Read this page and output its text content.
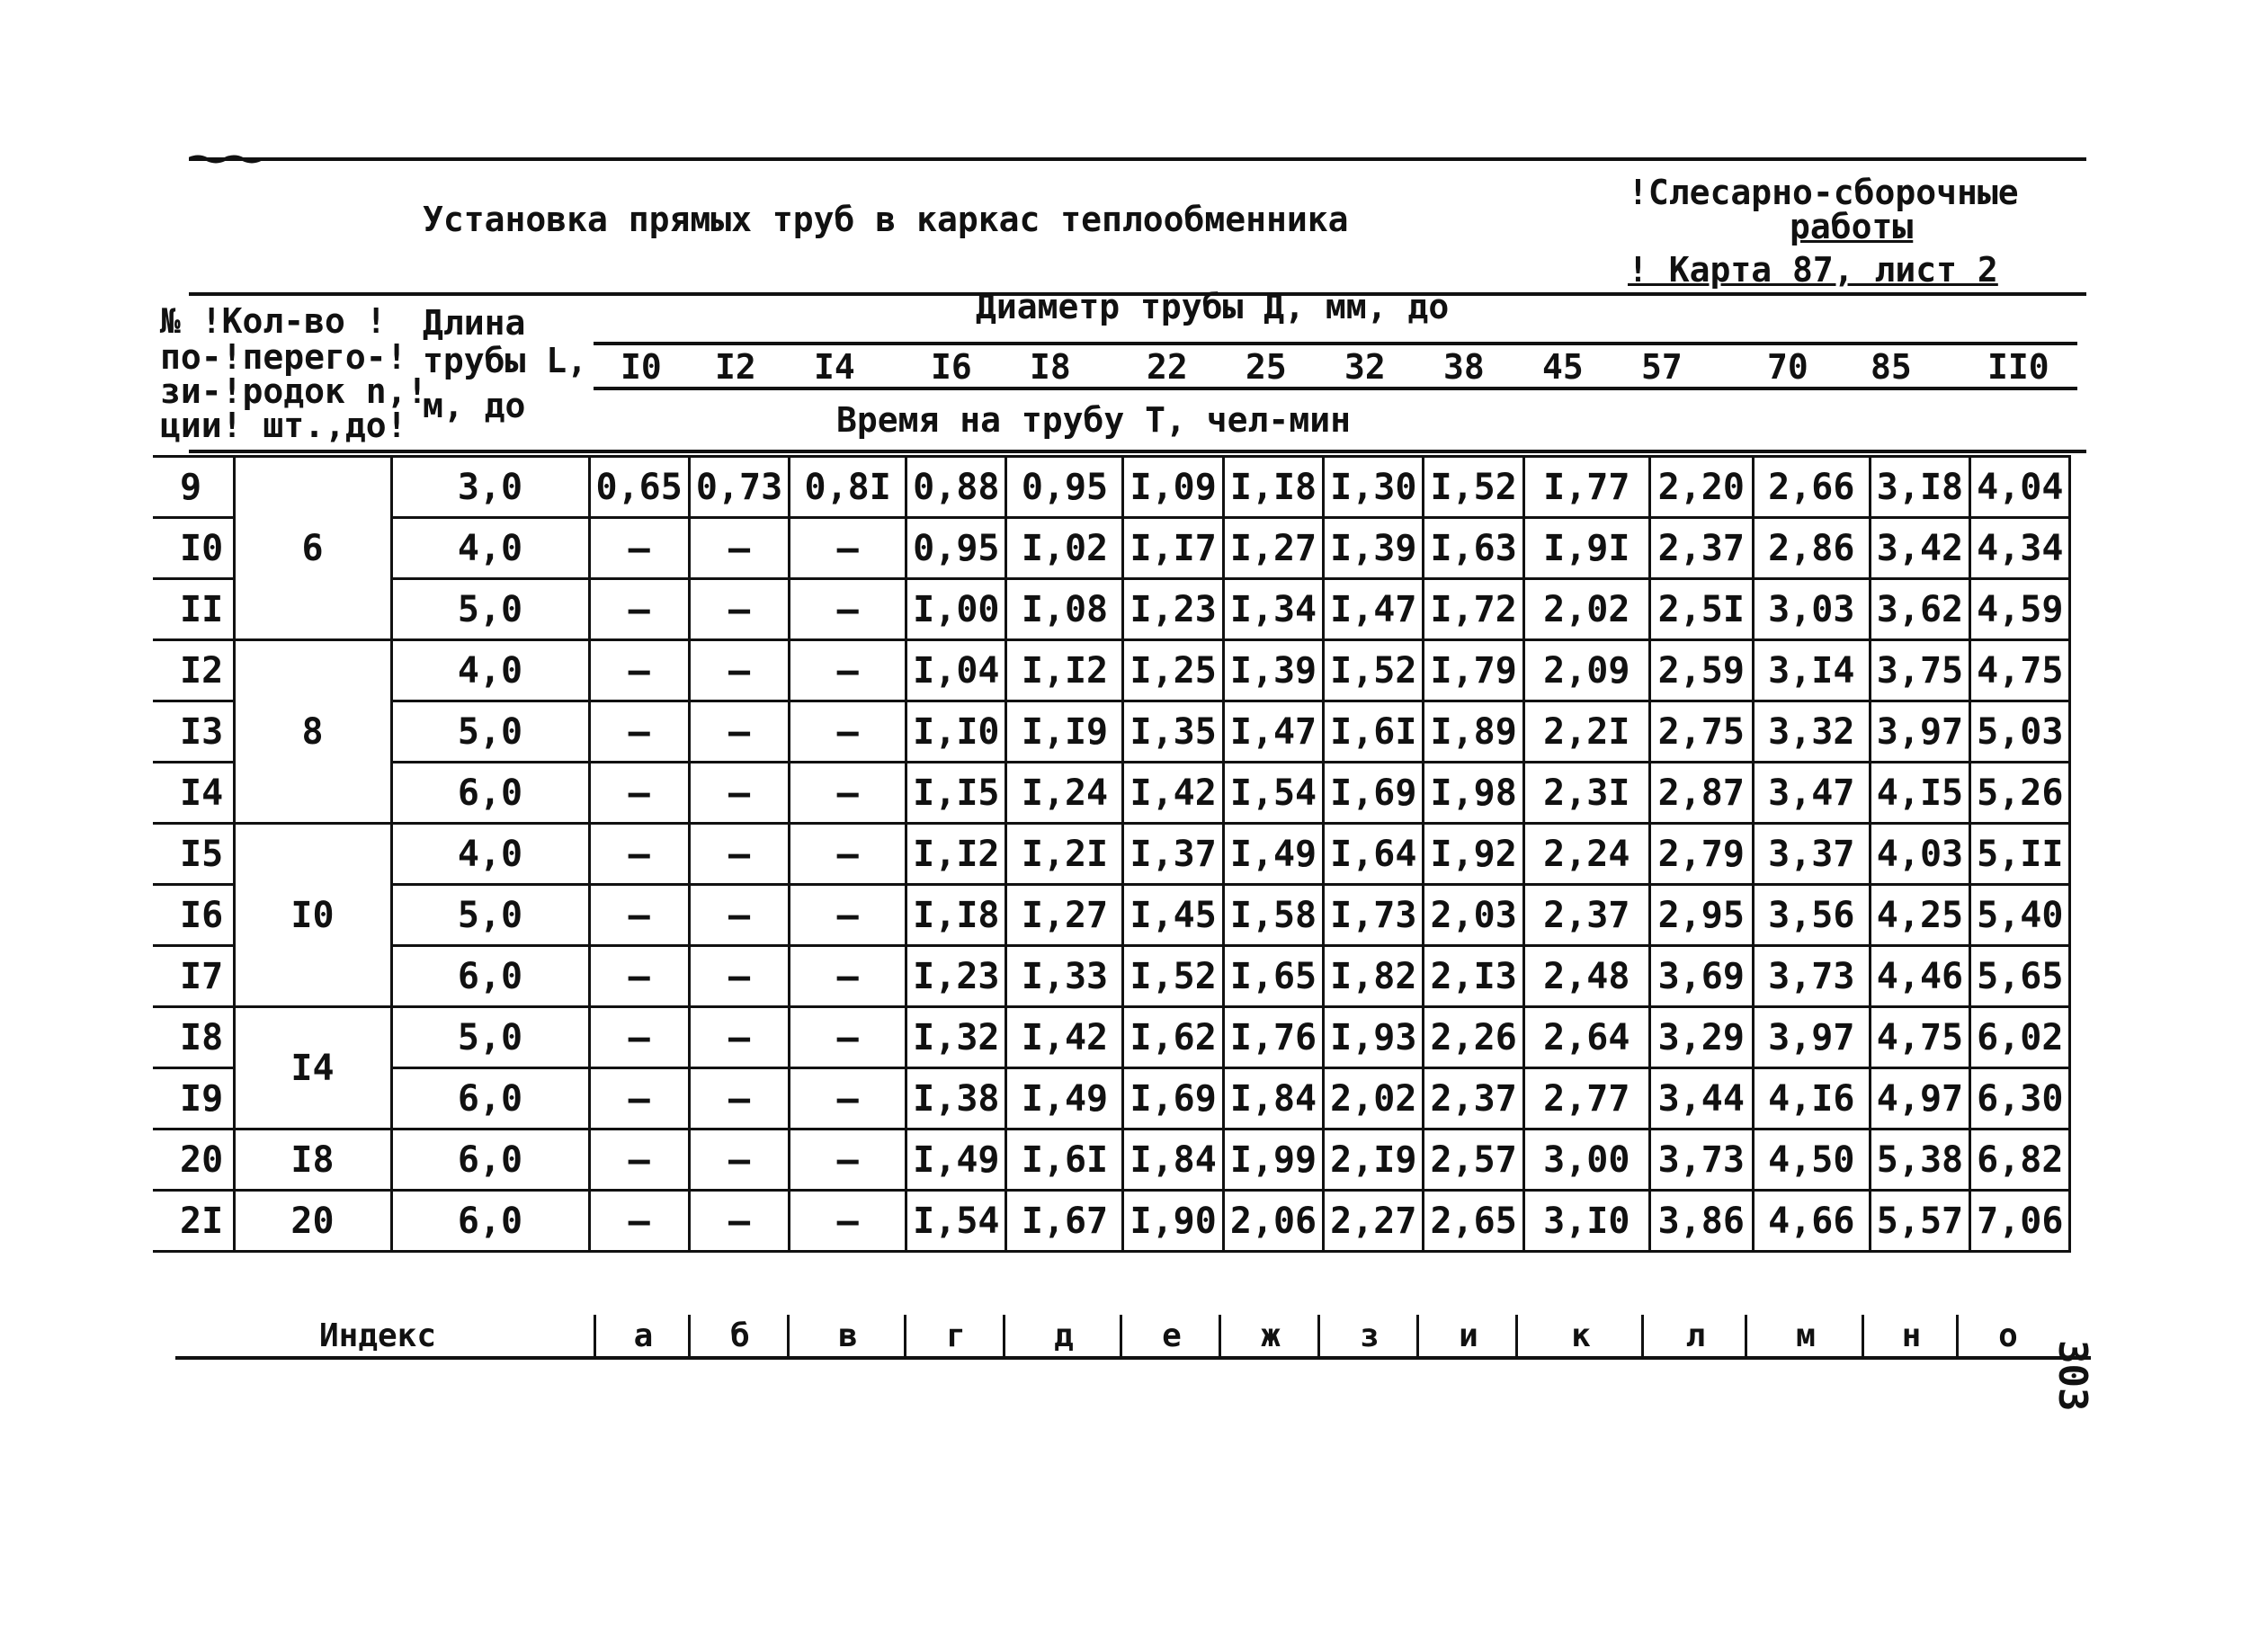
Установка прямых труб в каркас теплообменника
!Слесарно-сборочные
работы
! Карта 87, лист 2
№ !Кол-во !
по-!перего-!
зи-!родок n,!
ции! шт.,до!
Длина
трубы L,
м, до
Диаметр трубы Д, мм, до
I0 I2 I4 I6 I8 22 25 32 38 45 57 70 85 II0
Время на трубу Т, чел-мин
9	6	3,0	0,65	0,73	0,8I	0,88	0,95	I,09	I,I8	I,30	I,52	I,77	2,20	2,66	3,I8	4,04
I0		4,0	–	–	–	0,95	I,02	I,I7	I,27	I,39	I,63	I,9I	2,37	2,86	3,42	4,34
II		5,0	–	–	–	I,00	I,08	I,23	I,34	I,47	I,72	2,02	2,5I	3,03	3,62	4,59
I2	8	4,0	–	–	–	I,04	I,I2	I,25	I,39	I,52	I,79	2,09	2,59	3,I4	3,75	4,75
I3		5,0	–	–	–	I,I0	I,I9	I,35	I,47	I,6I	I,89	2,2I	2,75	3,32	3,97	5,03
I4		6,0	–	–	–	I,I5	I,24	I,42	I,54	I,69	I,98	2,3I	2,87	3,47	4,I5	5,26
I5	I0	4,0	–	–	–	I,I2	I,2I	I,37	I,49	I,64	I,92	2,24	2,79	3,37	4,03	5,II
I6		5,0	–	–	–	I,I8	I,27	I,45	I,58	I,73	2,03	2,37	2,95	3,56	4,25	5,40
I7		6,0	–	–	–	I,23	I,33	I,52	I,65	I,82	2,I3	2,48	3,69	3,73	4,46	5,65
I8	I4	5,0	–	–	–	I,32	I,42	I,62	I,76	I,93	2,26	2,64	3,29	3,97	4,75	6,02
I9		6,0	–	–	–	I,38	I,49	I,69	I,84	2,02	2,37	2,77	3,44	4,I6	4,97	6,30
20	I8	6,0	–	–	–	I,49	I,6I	I,84	I,99	2,I9	2,57	3,00	3,73	4,50	5,38	6,82
2I	20	6,0	–	–	–	I,54	I,67	I,90	2,06	2,27	2,65	3,I0	3,86	4,66	5,57	7,06
Индекс	а	б	в	г	д	е	ж	з	и	к	л	м	н	о
303
